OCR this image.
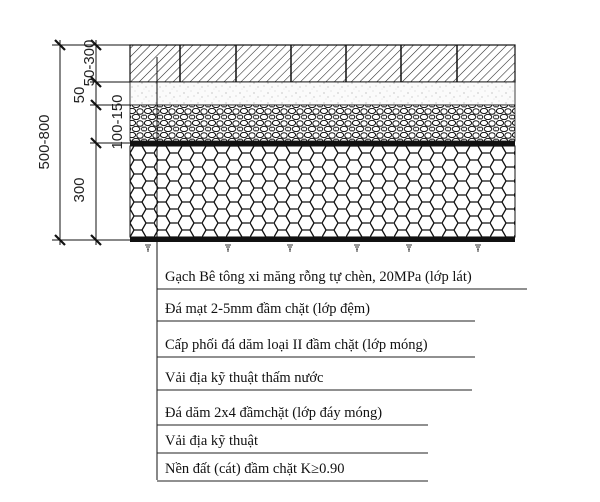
500-800
50-300
50 100-150
300
Gạch Bê tông xi măng rỗng tự chèn, 20MPa (lớp lát)
Đá mạt 2-5mm đầm chặt (lớp đệm)
Cấp phối đá dăm loại II đầm chặt (lớp móng)
Vải địa kỹ thuật thấm nước
Đá dăm 2x4 đầmchặt (lớp đáy móng)
Vải địa kỹ thuật
Nền đất (cát) đầm chặt K≥0.90
